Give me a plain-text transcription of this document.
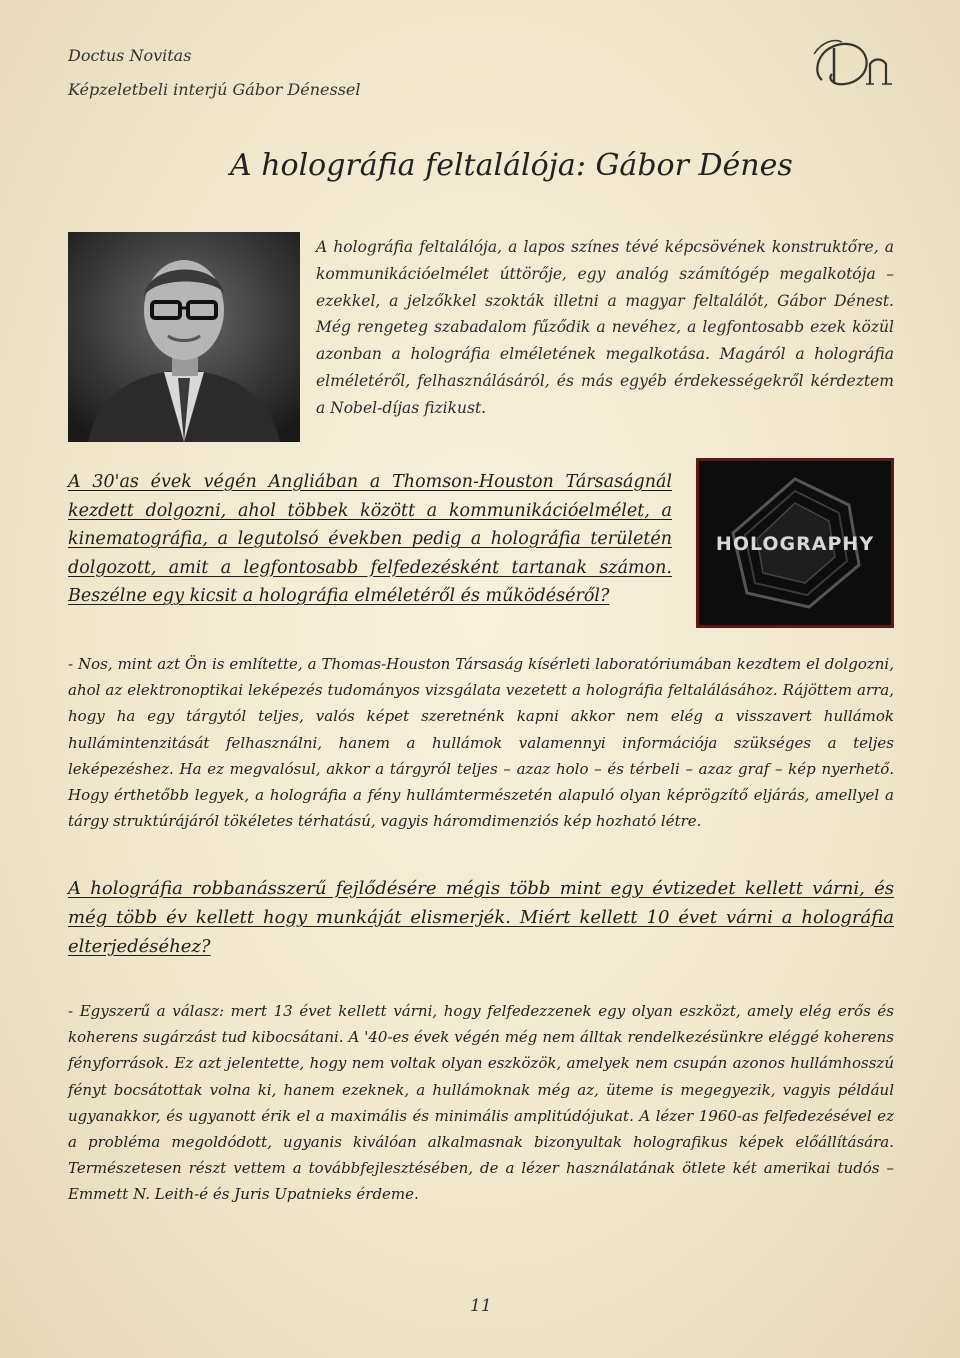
Doctus Novitas
Képzeletbeli interjú Gábor Dénessel
A holográfia feltalálója: Gábor Dénes
A holográfia feltalálója, a lapos színes tévé képcsövének konstruktőre, a kommunikációelmélet úttörője, egy analóg számítógép megalkotója – ezekkel, a jelzőkkel szokták illetni a magyar feltalálót, Gábor Dénest. Még rengeteg szabadalom fűződik a nevéhez, a legfontosabb ezek közül azonban a holográfia elméletének megalkotása. Magáról a holográfia elméletéről, felhasználásáról, és más egyéb érdekességekről kérdeztem a Nobel-díjas fizikust.
A 30'as évek végén Angliában a Thomson-Houston Társaságnál kezdett dolgozni, ahol többek között a kommunikációelmélet, a kinematográfia, a legutolsó években pedig a holográfia területén dolgozott, amit a legfontosabb felfedezésként tartanak számon. Beszélne egy kicsit a holográfia elméletéről és működéséről?
HOLOGRAPHY
- Nos, mint azt Ön is említette, a Thomas-Houston Társaság kísérleti laboratóriumában kezdtem el dolgozni, ahol az elektronoptikai leképezés tudományos vizsgálata vezetett a holográfia feltalálásához. Rájöttem arra, hogy ha egy tárgytól teljes, valós képet szeretnénk kapni akkor nem elég a visszavert hullámok hullámintenzitását felhasználni, hanem a hullámok valamennyi információja szükséges a teljes leképezéshez. Ha ez megvalósul, akkor a tárgyról teljes – azaz holo – és térbeli – azaz graf – kép nyerhető. Hogy érthetőbb legyek, a holográfia a fény hullámtermészetén alapuló olyan képrögzítő eljárás, amellyel a tárgy struktúrájáról tökéletes térhatású, vagyis háromdimenziós kép hozható létre.
A holográfia robbanásszerű fejlődésére mégis több mint egy évtizedet kellett várni, és még több év kellett hogy munkáját elismerjék. Miért kellett 10 évet várni a holográfia elterjedéséhez?
- Egyszerű a válasz: mert 13 évet kellett várni, hogy felfedezzenek egy olyan eszközt, amely elég erős és koherens sugárzást tud kibocsátani. A '40-es évek végén még nem álltak rendelkezésünkre eléggé koherens fényforrások. Ez azt jelentette, hogy nem voltak olyan eszközök, amelyek nem csupán azonos hullámhosszú fényt bocsátottak volna ki, hanem ezeknek, a hullámoknak még az, üteme is megegyezik, vagyis például ugyanakkor, és ugyanott érik el a maximális és minimális amplitúdójukat. A lézer 1960-as felfedezésével ez a probléma megoldódott, ugyanis kiválóan alkalmasnak bizonyultak holografikus képek előállítására. Természetesen részt vettem a továbbfejlesztésében, de a lézer használatának ötlete két amerikai tudós – Emmett N. Leith-é és Juris Upatnieks érdeme.
11
